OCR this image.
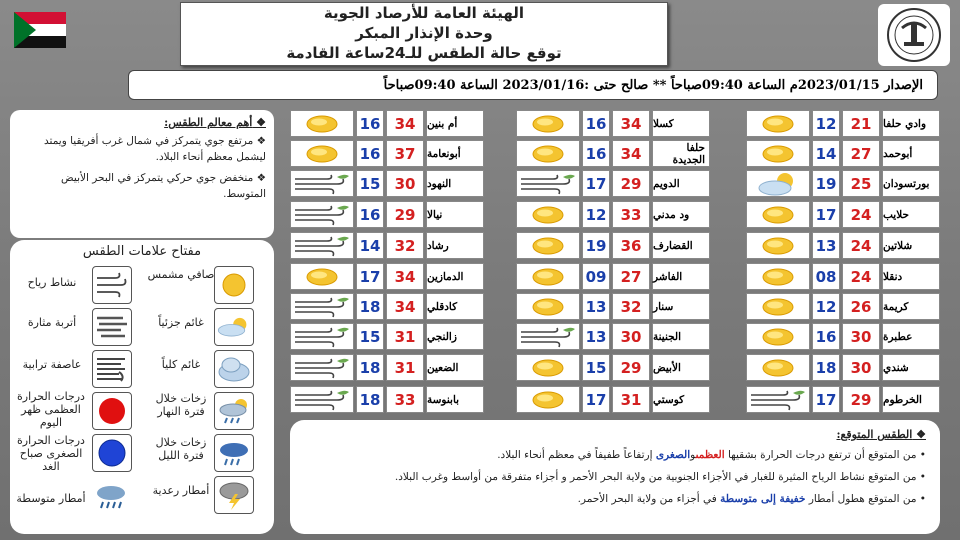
الهيئة العامة للأرصاد الجوية
وحدة الإنذار المبكر
توقع حالة الطقس للـ24ساعة القادمة
الإصدار 2023/01/15م الساعة 09:40صباحاً ** صالح حتى :2023/01/16 الساعة 09:40صباحاً
❖ أهم معالم الطقس:
❖ مرتفع جوي يتمركز في شمال غرب أفريقيا ويمتد ليشمل معظم أنحاء البلاد.
❖ منخفض جوي حركي يتمركز في البحر الأبيض المتوسط.
مفتاح علامات الطقس
صافي مشمس
نشاط رياح
غائم جزئياً
أتربة مثارة
غائم كلياً
عاصفة ترابية
زخات خلال فترة النهار
درجات الحرارة العظمى ظهر اليوم
زخات خلال فترة الليل
درجات الحرارة الصغرى صباح الغد
أمطار رعدية
أمطار متوسطة
12 21	وادي حلفا
14 27	أبوحمد
19 25	بورتسودان
17 24	حلايب
13 24	شلاتين
08 24	دنقلا
12 26	كريمة
16 30	عطبرة
18 30	شندي
17 29	الخرطوم
16 34	كسلا
16 34	حلفا الجديدة
17 29	الدويم
12 33	ود مدني
19 36	القضارف
09 27	الفاشر
13 32	سنار
13 30	الجنينة
15 29	الأبيض
17 31	كوستي
16 34	أم بنين
16 37	أبونعامة
15 30	النهود
16 29	نيالا
14 32	رشاد
17 34	الدمازين
18 34	كادقلي
15 31	زالنجي
18 31	الضعين
18 33	بابنوسة
❖ الطقس المتوقع:
• من المتوقع أن ترتفع درجات الحرارة بشقيها العظمىوالصغرى إرتفاعاً طفيفاً في معظم أنحاء البلاد.
• من المتوقع نشاط الرياح المثيرة للغبار في الأجزاء الجنوبية من ولاية البحر الأحمر و أجزاء متفرقة من أواسط وغرب البلاد.
• من المتوقع هطول أمطار خفيفة إلى متوسطة في أجزاء من ولاية البحر الأحمر.
